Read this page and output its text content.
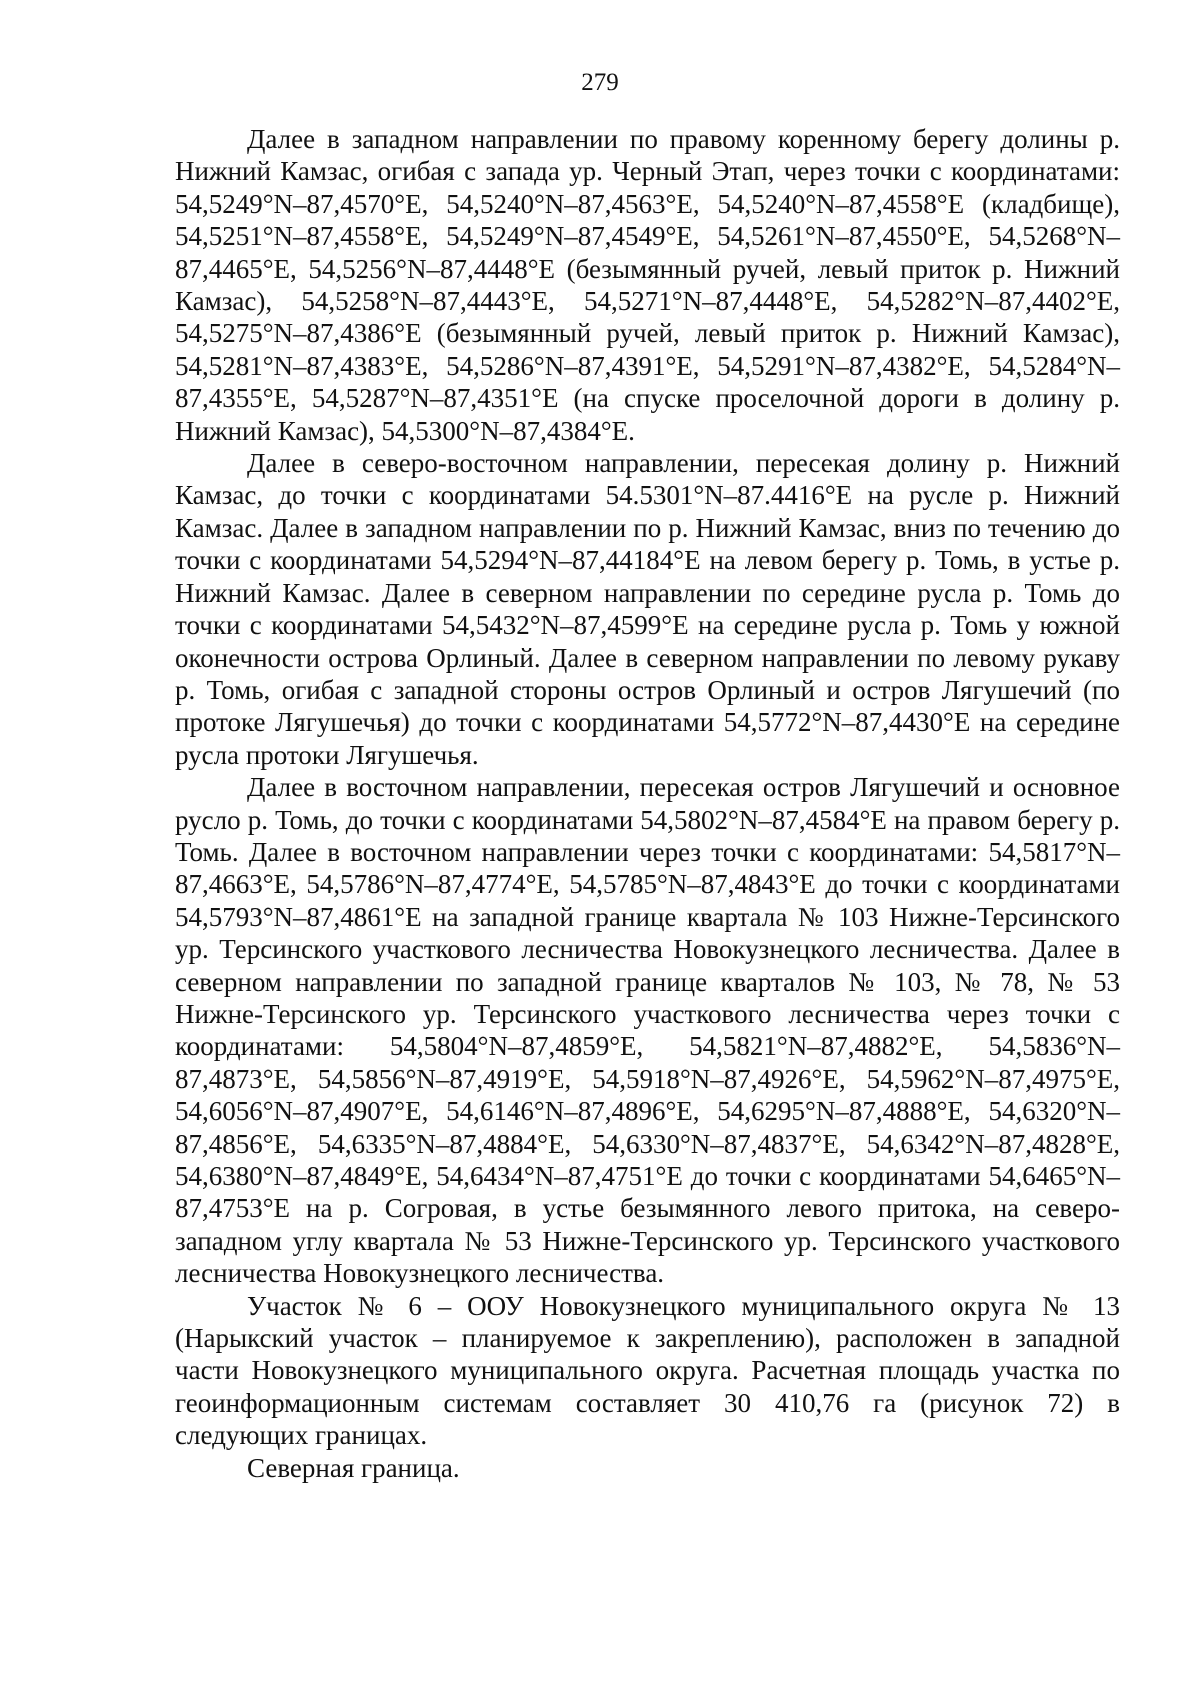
279

Далее в западном направлении по правому коренному берегу долины р. Нижний Камзас, огибая с запада ур. Черный Этап, через точки с координатами: 54,5249°N–87,4570°E, 54,5240°N–87,4563°E, 54,5240°N–87,4558°E (кладбище), 54,5251°N–87,4558°E, 54,5249°N–87,4549°E, 54,5261°N–87,4550°E, 54,5268°N–87,4465°E, 54,5256°N–87,4448°E (безымянный ручей, левый приток р. Нижний Камзас), 54,5258°N–87,4443°E, 54,5271°N–87,4448°E, 54,5282°N–87,4402°E, 54,5275°N–87,4386°E (безымянный ручей, левый приток р. Нижний Камзас), 54,5281°N–87,4383°E, 54,5286°N–87,4391°E, 54,5291°N–87,4382°E, 54,5284°N–87,4355°E, 54,5287°N–87,4351°E (на спуске проселочной дороги в долину р. Нижний Камзас), 54,5300°N–87,4384°E.

Далее в северо-восточном направлении, пересекая долину р. Нижний Камзас, до точки с координатами 54.5301°N–87.4416°E на русле р. Нижний Камзас. Далее в западном направлении по р. Нижний Камзас, вниз по течению до точки с координатами 54,5294°N–87,44184°E на левом берегу р. Томь, в устье р. Нижний Камзас. Далее в северном направлении по середине русла р. Томь до точки с координатами 54,5432°N–87,4599°E на середине русла р. Томь у южной оконечности острова Орлиный. Далее в северном направлении по левому рукаву р. Томь, огибая с западной стороны остров Орлиный и остров Лягушечий (по протоке Лягушечья) до точки с координатами 54,5772°N–87,4430°E на середине русла протоки Лягушечья.

Далее в восточном направлении, пересекая остров Лягушечий и основное русло р. Томь, до точки с координатами 54,5802°N–87,4584°E на правом берегу р. Томь. Далее в восточном направлении через точки с координатами: 54,5817°N–87,4663°E, 54,5786°N–87,4774°E, 54,5785°N–87,4843°E до точки с координатами 54,5793°N–87,4861°E на западной границе квартала № 103 Нижне-Терсинского ур. Терсинского участкового лесничества Новокузнецкого лесничества. Далее в северном направлении по западной границе кварталов № 103, № 78, № 53 Нижне-Терсинского ур. Терсинского участкового лесничества через точки с координатами: 54,5804°N–87,4859°E, 54,5821°N–87,4882°E, 54,5836°N–87,4873°E, 54,5856°N–87,4919°E, 54,5918°N–87,4926°E, 54,5962°N–87,4975°E, 54,6056°N–87,4907°E, 54,6146°N–87,4896°E, 54,6295°N–87,4888°E, 54,6320°N–87,4856°E, 54,6335°N–87,4884°E, 54,6330°N–87,4837°E, 54,6342°N–87,4828°E, 54,6380°N–87,4849°E, 54,6434°N–87,4751°E до точки с координатами 54,6465°N–87,4753°E на р. Согровая, в устье безымянного левого притока, на северо-западном углу квартала № 53 Нижне-Терсинского ур. Терсинского участкового лесничества Новокузнецкого лесничества.

Участок № 6 – ООУ Новокузнецкого муниципального округа № 13 (Нарыкский участок – планируемое к закреплению), расположен в западной части Новокузнецкого муниципального округа. Расчетная площадь участка по геоинформационным системам составляет 30 410,76 га (рисунок 72) в следующих границах.

Северная граница.
